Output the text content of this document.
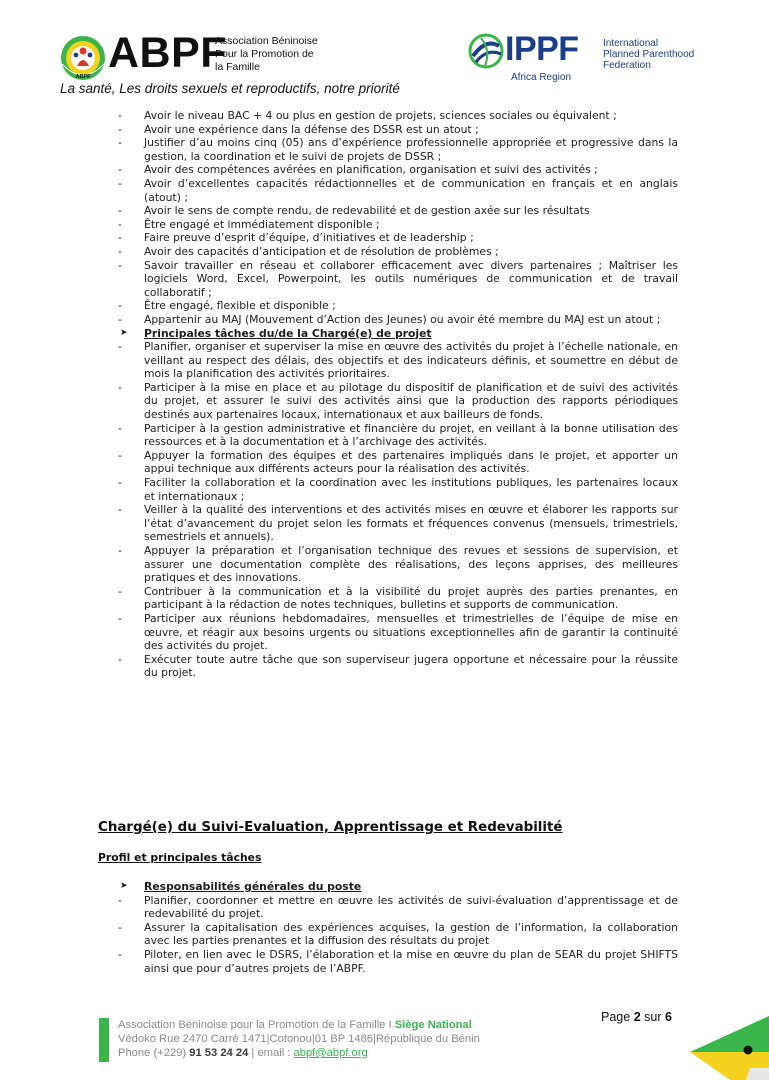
ABPF ABPF
Association Béninoise
Pour la Promotion de
la Famille
La santé, Les droits sexuels et reproductifs, notre priorité
IPPF International
Planned Parenthood
Federation
Africa Region
- Avoir le niveau BAC + 4 ou plus en gestion de projets, sciences sociales ou équivalent ;
- Avoir une expérience dans la défense des DSSR est un atout ;
- Justifier d’au moins cinq (05) ans d’expérience professionnelle appropriée et progressive dans la gestion, la coordination et le suivi de projets de DSSR ;
- Avoir des compétences avérées en planification, organisation et suivi des activités ;
- Avoir d’excellentes capacités rédactionnelles et de communication en français et en anglais (atout) ;
- Avoir le sens de compte rendu, de redevabilité et de gestion axée sur les résultats
- Être engagé et immédiatement disponible ;
- Faire preuve d’esprit d’équipe, d’initiatives et de leadership ;
- Avoir des capacités d’anticipation et de résolution de problèmes ;
- Savoir travailler en réseau et collaborer efficacement avec divers partenaires ; Maîtriser les logiciels Word, Excel, Powerpoint, les outils numériques de communication et de travail collaboratif ;
- Être engagé, flexible et disponible ;
- Appartenir au MAJ (Mouvement d’Action des Jeunes) ou avoir été membre du MAJ est un atout ;
➤ Principales tâches du/de la Chargé(e) de projet
- Planifier, organiser et superviser la mise en œuvre des activités du projet à l’échelle nationale, en veillant au respect des délais, des objectifs et des indicateurs définis, et soumettre en début de mois la planification des activités prioritaires.
- Participer à la mise en place et au pilotage du dispositif de planification et de suivi des activités du projet, et assurer le suivi des activités ainsi que la production des rapports périodiques destinés aux partenaires locaux, internationaux et aux bailleurs de fonds.
- Participer à la gestion administrative et financière du projet, en veillant à la bonne utilisation des ressources et à la documentation et à l’archivage des activités.
- Appuyer la formation des équipes et des partenaires impliqués dans le projet, et apporter un appui technique aux différents acteurs pour la réalisation des activités.
- Faciliter la collaboration et la coordination avec les institutions publiques, les partenaires locaux et internationaux ;
- Veiller à la qualité des interventions et des activités mises en œuvre et élaborer les rapports sur l’état d’avancement du projet selon les formats et fréquences convenus (mensuels, trimestriels, semestriels et annuels).
- Appuyer la préparation et l’organisation technique des revues et sessions de supervision, et assurer une documentation complète des réalisations, des leçons apprises, des meilleures pratiques et des innovations.
- Contribuer à la communication et à la visibilité du projet auprès des parties prenantes, en participant à la rédaction de notes techniques, bulletins et supports de communication.
- Participer aux réunions hebdomadaires, mensuelles et trimestrielles de l’équipe de mise en œuvre, et réagir aux besoins urgents ou situations exceptionnelles afin de garantir la continuité des activités du projet.
- Exécuter toute autre tâche que son superviseur jugera opportune et nécessaire pour la réussite du projet.
Chargé(e) du Suivi-Evaluation, Apprentissage et Redevabilité
Profil et principales tâches
➤ Responsabilités générales du poste
- Planifier, coordonner et mettre en œuvre les activités de suivi-évaluation d’apprentissage et de redevabilité du projet.
- Assurer la capitalisation des expériences acquises, la gestion de l’information, la collaboration avec les parties prenantes et la diffusion des résultats du projet
- Piloter, en lien avec le DSRS, l’élaboration et la mise en œuvre du plan de SEAR du projet SHIFTS ainsi que pour d’autres projets de l’ABPF.
Page 2 sur 6
Association Béninoise pour la Promotion de la Famille I Siège National
Védoko Rue 2470 Carré 1471|Cotonou|01 BP 1486|République du Bénin
Phone (+229) 91 53 24 24 | email : abpf@abpf.org
